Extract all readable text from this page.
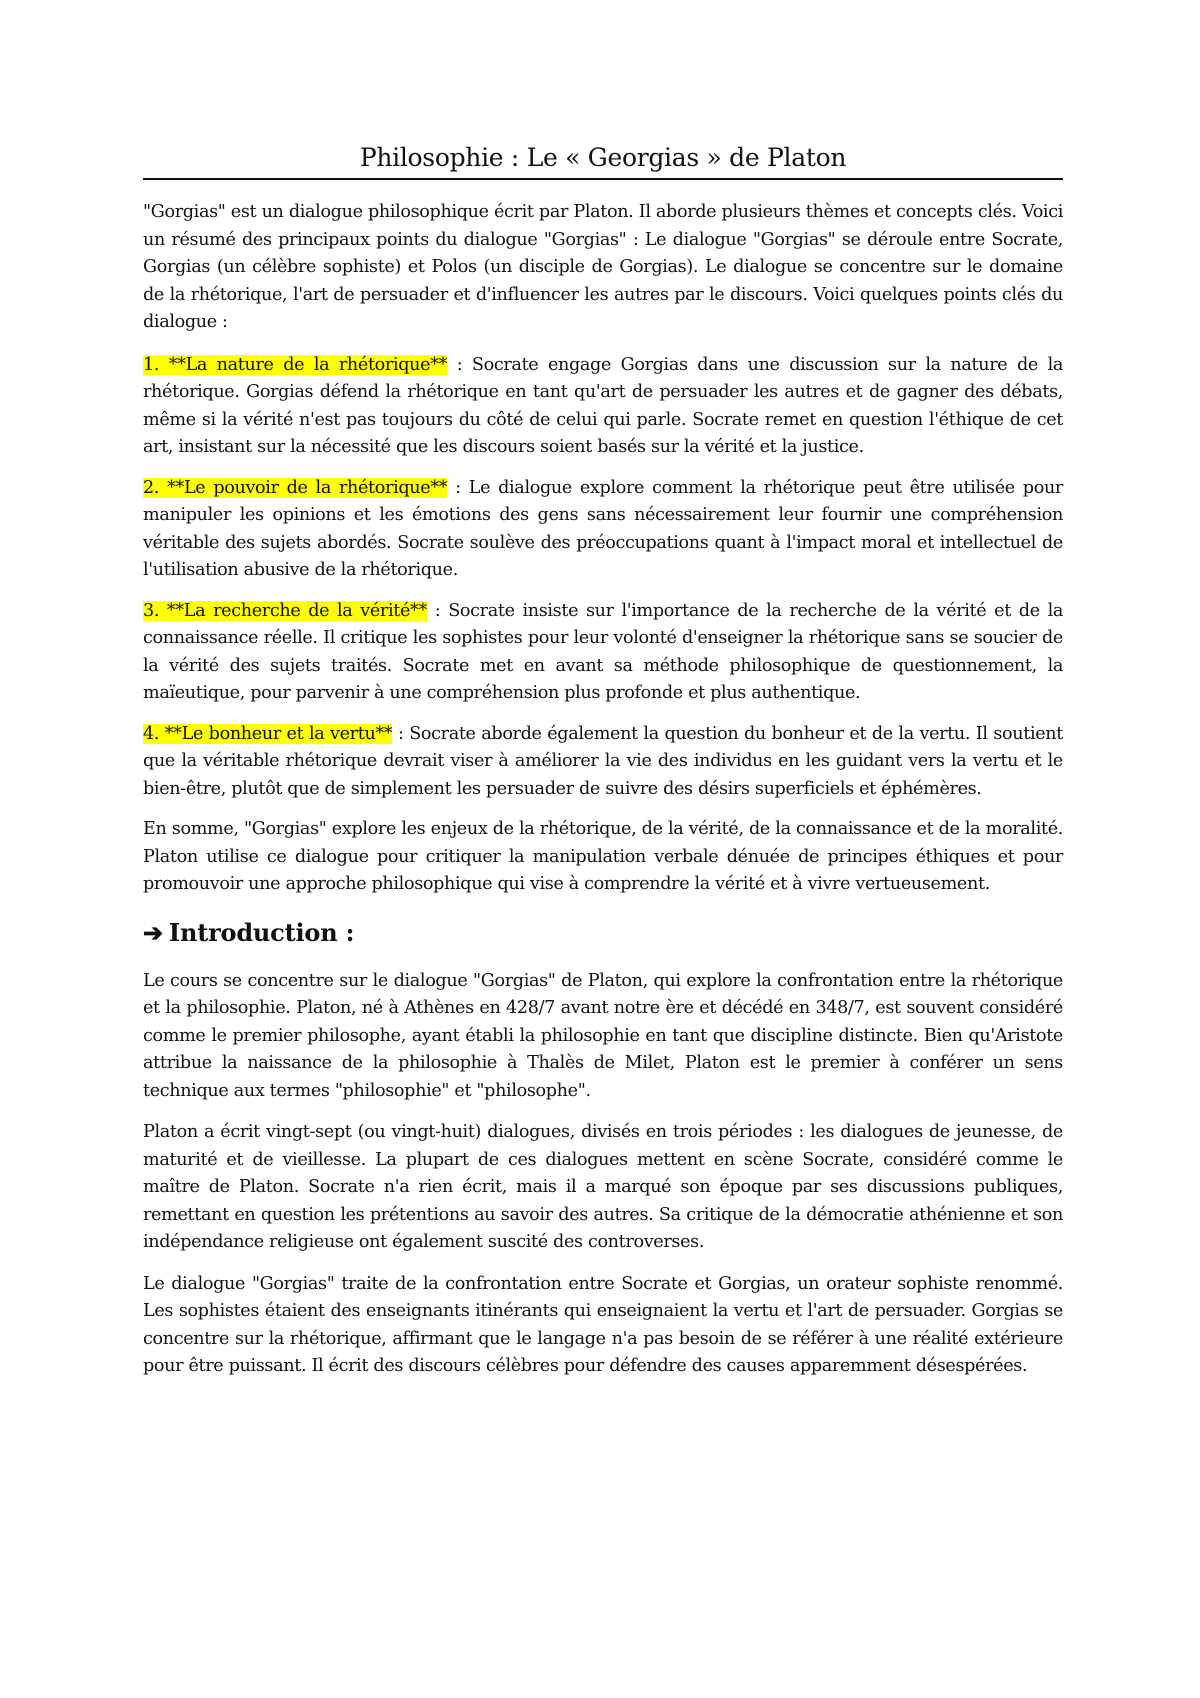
Philosophie : Le « Georgias » de Platon

"Gorgias" est un dialogue philosophique écrit par Platon. Il aborde plusieurs thèmes et concepts clés. Voici un résumé des principaux points du dialogue "Gorgias" : Le dialogue "Gorgias" se déroule entre Socrate, Gorgias (un célèbre sophiste) et Polos (un disciple de Gorgias). Le dialogue se concentre sur le domaine de la rhétorique, l'art de persuader et d'influencer les autres par le discours. Voici quelques points clés du dialogue :

1. **La nature de la rhétorique** : Socrate engage Gorgias dans une discussion sur la nature de la rhétorique. Gorgias défend la rhétorique en tant qu'art de persuader les autres et de gagner des débats, même si la vérité n'est pas toujours du côté de celui qui parle. Socrate remet en question l'éthique de cet art, insistant sur la nécessité que les discours soient basés sur la vérité et la justice.

2. **Le pouvoir de la rhétorique** : Le dialogue explore comment la rhétorique peut être utilisée pour manipuler les opinions et les émotions des gens sans nécessairement leur fournir une compréhension véritable des sujets abordés. Socrate soulève des préoccupations quant à l'impact moral et intellectuel de l'utilisation abusive de la rhétorique.

3. **La recherche de la vérité** : Socrate insiste sur l'importance de la recherche de la vérité et de la connaissance réelle. Il critique les sophistes pour leur volonté d'enseigner la rhétorique sans se soucier de la vérité des sujets traités. Socrate met en avant sa méthode philosophique de questionnement, la maïeutique, pour parvenir à une compréhension plus profonde et plus authentique.

4. **Le bonheur et la vertu** : Socrate aborde également la question du bonheur et de la vertu. Il soutient que la véritable rhétorique devrait viser à améliorer la vie des individus en les guidant vers la vertu et le bien-être, plutôt que de simplement les persuader de suivre des désirs superficiels et éphémères.

En somme, "Gorgias" explore les enjeux de la rhétorique, de la vérité, de la connaissance et de la moralité. Platon utilise ce dialogue pour critiquer la manipulation verbale dénuée de principes éthiques et pour promouvoir une approche philosophique qui vise à comprendre la vérité et à vivre vertueusement.

➔ Introduction :

Le cours se concentre sur le dialogue "Gorgias" de Platon, qui explore la confrontation entre la rhétorique et la philosophie. Platon, né à Athènes en 428/7 avant notre ère et décédé en 348/7, est souvent considéré comme le premier philosophe, ayant établi la philosophie en tant que discipline distincte. Bien qu'Aristote attribue la naissance de la philosophie à Thalès de Milet, Platon est le premier à conférer un sens technique aux termes "philosophie" et "philosophe".

Platon a écrit vingt-sept (ou vingt-huit) dialogues, divisés en trois périodes : les dialogues de jeunesse, de maturité et de vieillesse. La plupart de ces dialogues mettent en scène Socrate, considéré comme le maître de Platon. Socrate n'a rien écrit, mais il a marqué son époque par ses discussions publiques, remettant en question les prétentions au savoir des autres. Sa critique de la démocratie athénienne et son indépendance religieuse ont également suscité des controverses.

Le dialogue "Gorgias" traite de la confrontation entre Socrate et Gorgias, un orateur sophiste renommé. Les sophistes étaient des enseignants itinérants qui enseignaient la vertu et l'art de persuader. Gorgias se concentre sur la rhétorique, affirmant que le langage n'a pas besoin de se référer à une réalité extérieure pour être puissant. Il écrit des discours célèbres pour défendre des causes apparemment désespérées.
